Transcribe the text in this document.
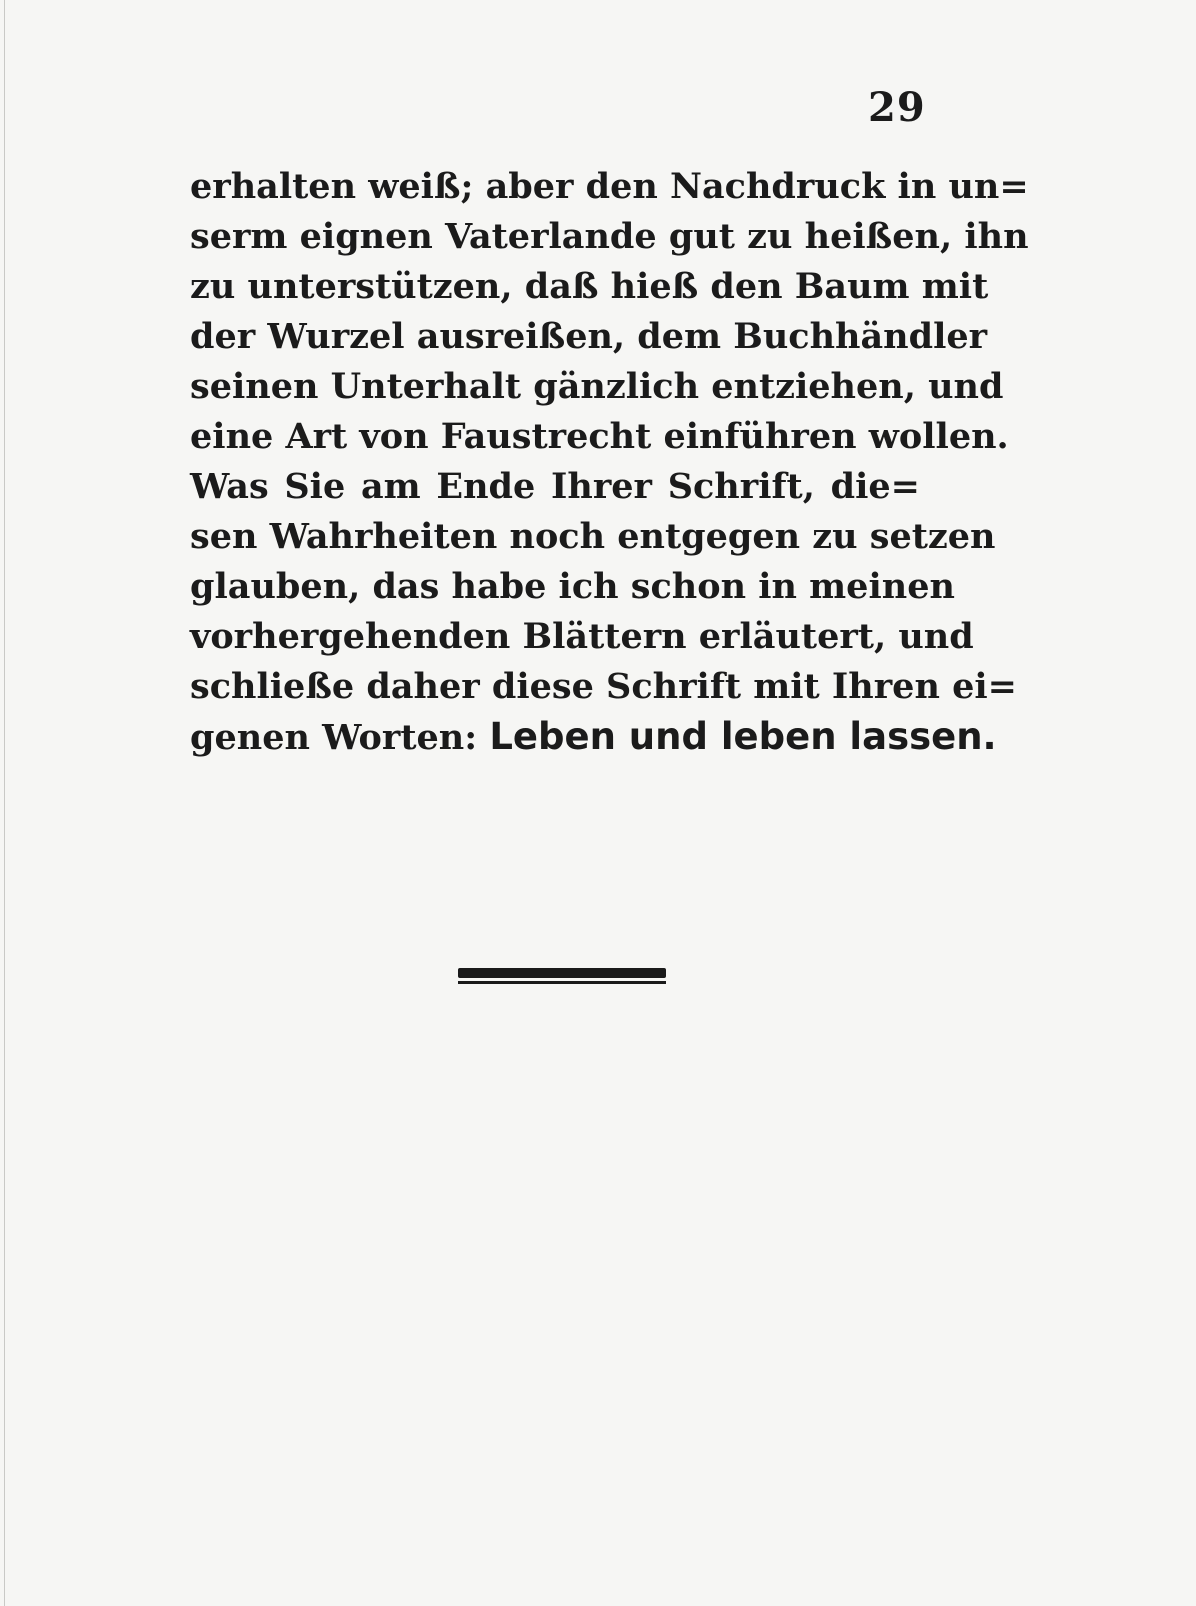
29
erhalten weiß; aber den Nachdruck in un=
serm eignen Vaterlande gut zu heißen, ihn
zu unterstützen, daß hieß den Baum mit
der Wurzel ausreißen, dem Buchhändler
seinen Unterhalt gänzlich entziehen, und
eine Art von Faustrecht einführen wollen.
Was Sie am Ende Ihrer Schrift, die=
sen Wahrheiten noch entgegen zu setzen
glauben, das habe ich schon in meinen
vorhergehenden Blättern erläutert, und
schließe daher diese Schrift mit Ihren ei=
genen Worten: Leben und leben lassen.
